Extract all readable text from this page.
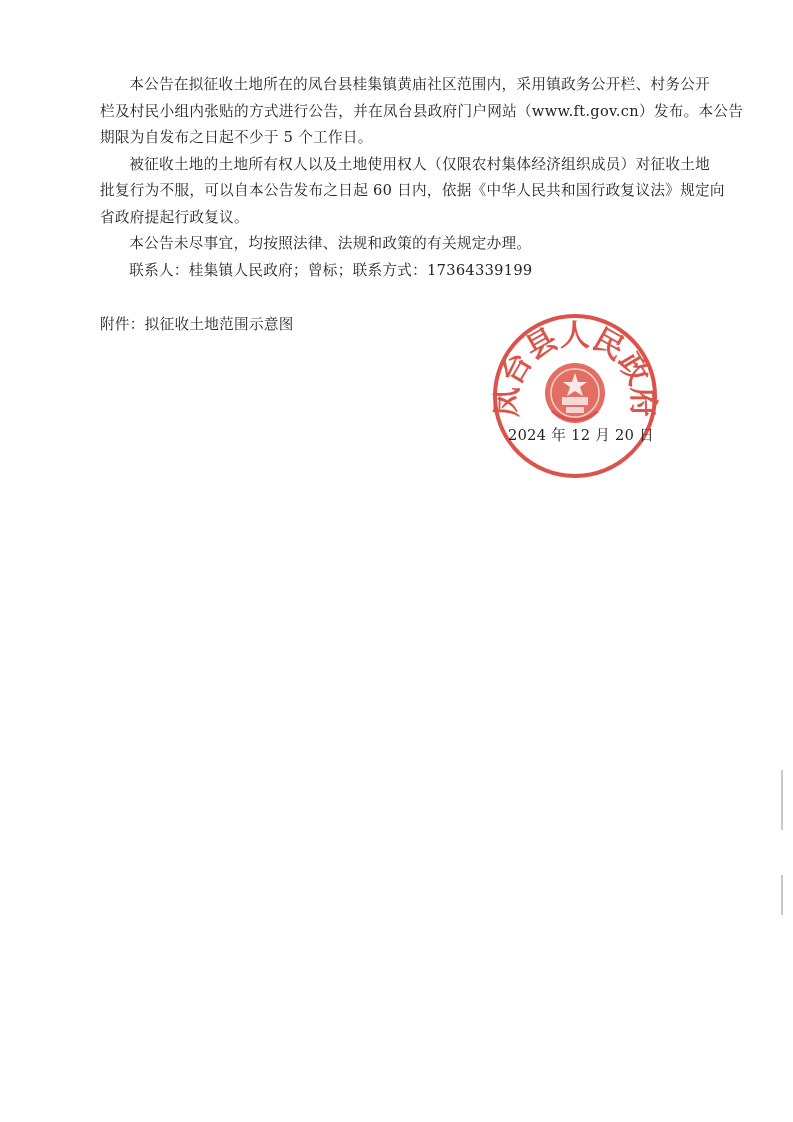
本公告在拟征收土地所在的凤台县桂集镇黄庙社区范围内，采用镇政务公开栏、村务公开
栏及村民小组内张贴的方式进行公告，并在凤台县政府门户网站（www.ft.gov.cn）发布。本公告
期限为自发布之日起不少于 5 个工作日。

被征收土地的土地所有权人以及土地使用权人（仅限农村集体经济组织成员）对征收土地
批复行为不服，可以自本公告发布之日起 60 日内，依据《中华人民共和国行政复议法》规定向
省政府提起行政复议。

本公告未尽事宜，均按照法律、法规和政策的有关规定办理。

联系人：桂集镇人民政府；曾标；联系方式：17364339199

附件：拟征收土地范围示意图
凤台县人民政府
2024 年 12 月 20 日
